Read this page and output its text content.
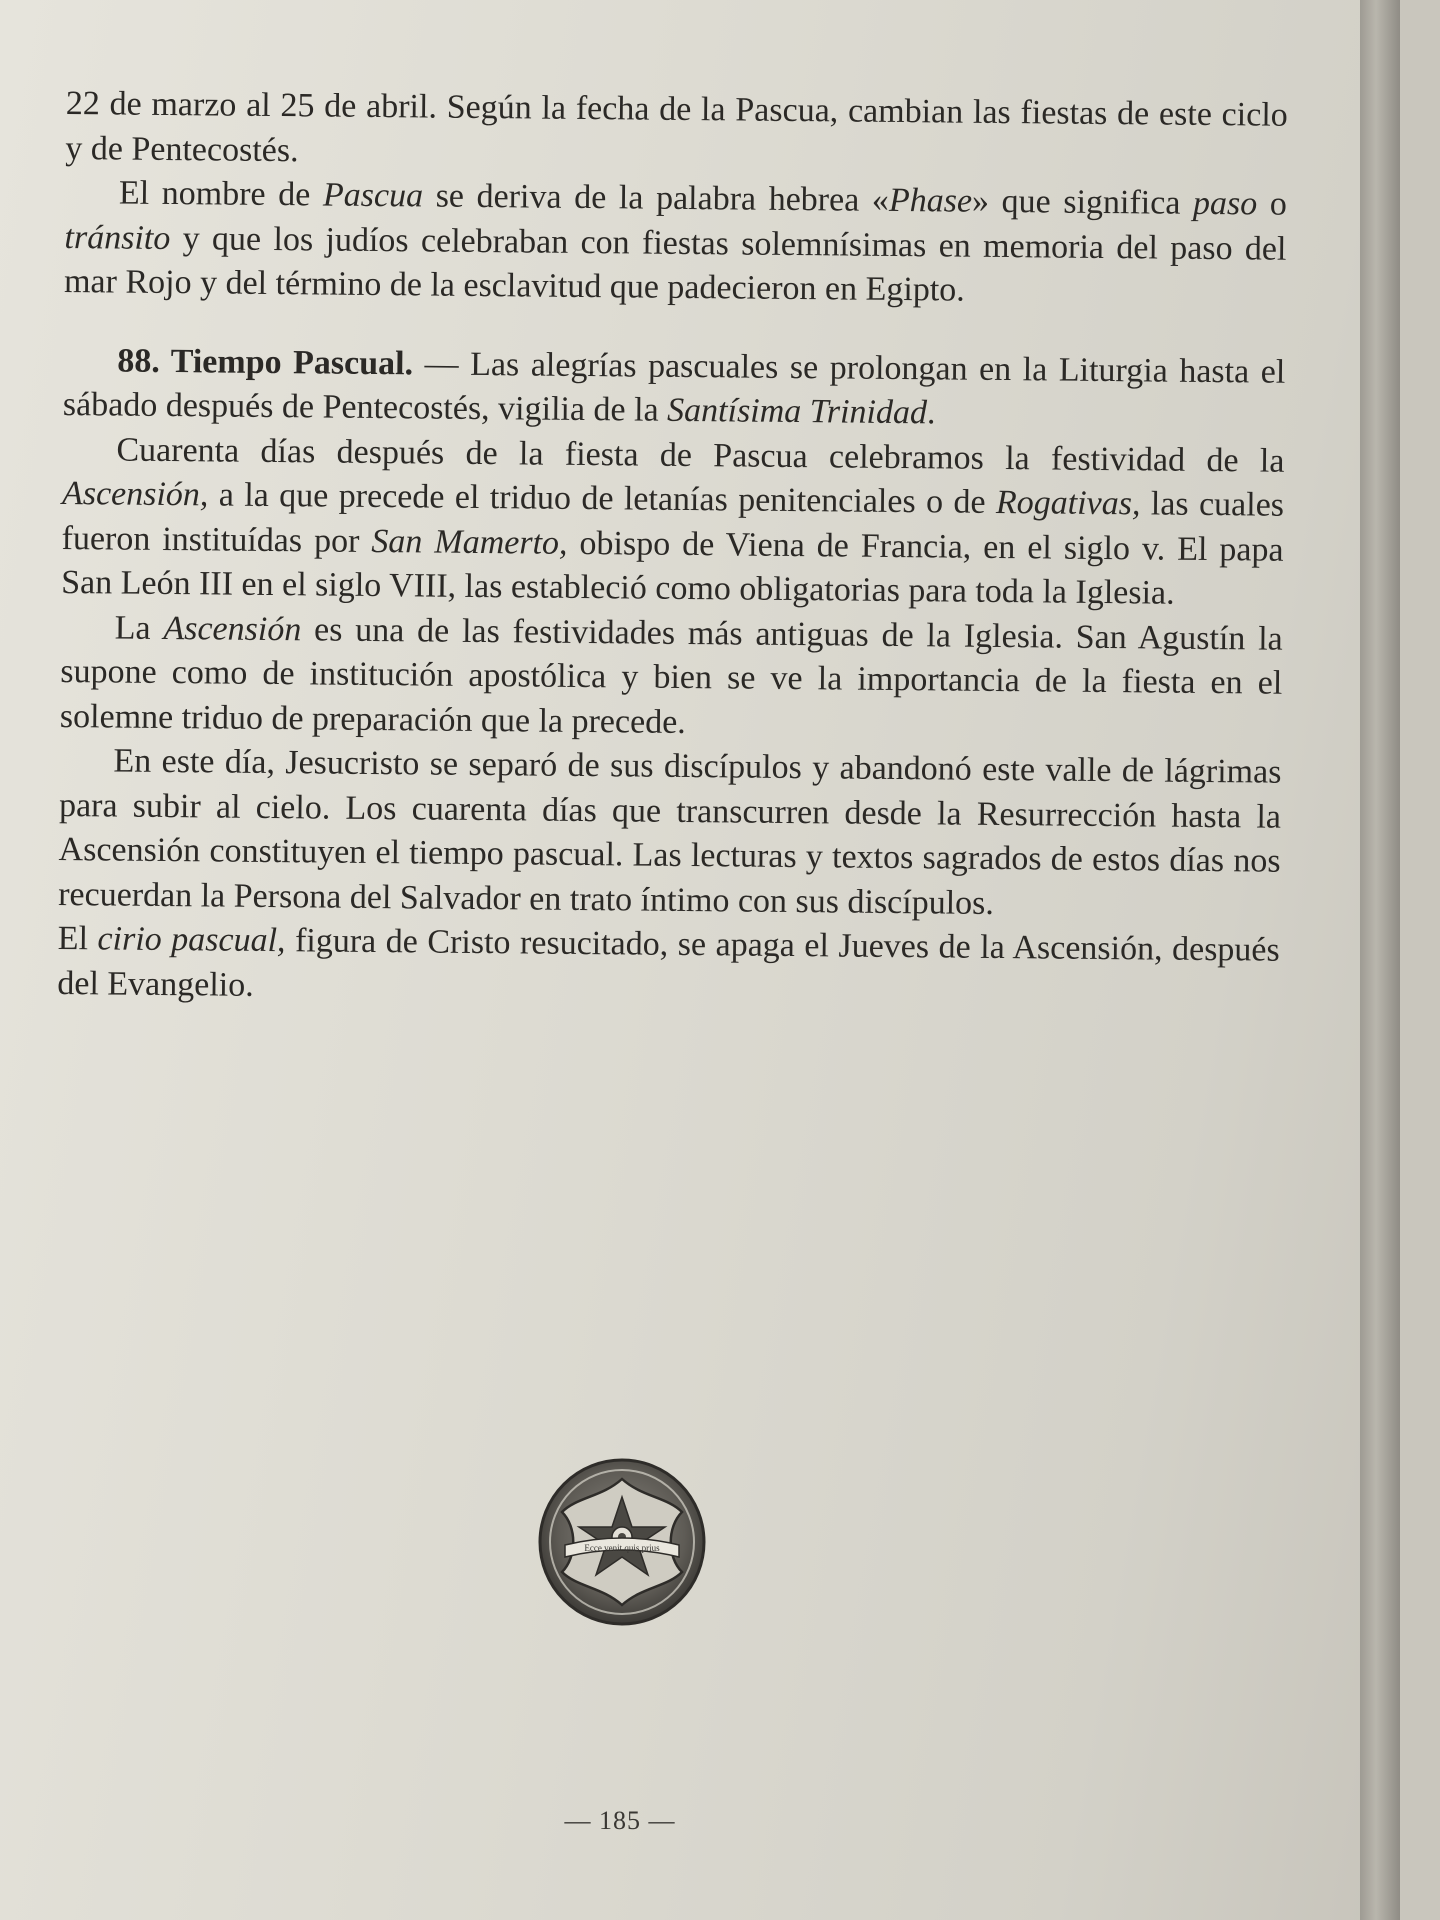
22 de marzo al 25 de abril. Según la fecha de la Pascua, cambian las fiestas de este ciclo y de Pentecostés.

El nombre de Pascua se deriva de la palabra hebrea «Phase» que significa paso o tránsito y que los judíos celebraban con fiestas solemnísimas en memoria del paso del mar Rojo y del término de la esclavitud que padecieron en Egipto.

88. Tiempo Pascual. — Las alegrías pascuales se prolongan en la Liturgia hasta el sábado después de Pentecostés, vigilia de la Santísima Trinidad.

Cuarenta días después de la fiesta de Pascua celebramos la festividad de la Ascensión, a la que precede el triduo de letanías penitenciales o de Rogativas, las cuales fueron instituídas por San Mamerto, obispo de Viena de Francia, en el siglo v. El papa San León III en el siglo VIII, las estableció como obligatorias para toda la Iglesia.

La Ascensión es una de las festividades más antiguas de la Iglesia. San Agustín la supone como de institución apostólica y bien se ve la importancia de la fiesta en el solemne triduo de preparación que la precede.

En este día, Jesucristo se separó de sus discípulos y abandonó este valle de lágrimas para subir al cielo. Los cuarenta días que transcurren desde la Resurrección hasta la Ascensión constituyen el tiempo pascual. Las lecturas y textos sagrados de estos días nos recuerdan la Persona del Salvador en trato íntimo con sus discípulos.

El cirio pascual, figura de Cristo resucitado, se apaga el Jueves de la Ascensión, después del Evangelio.

Ecce venit quis prius
— 185 —
